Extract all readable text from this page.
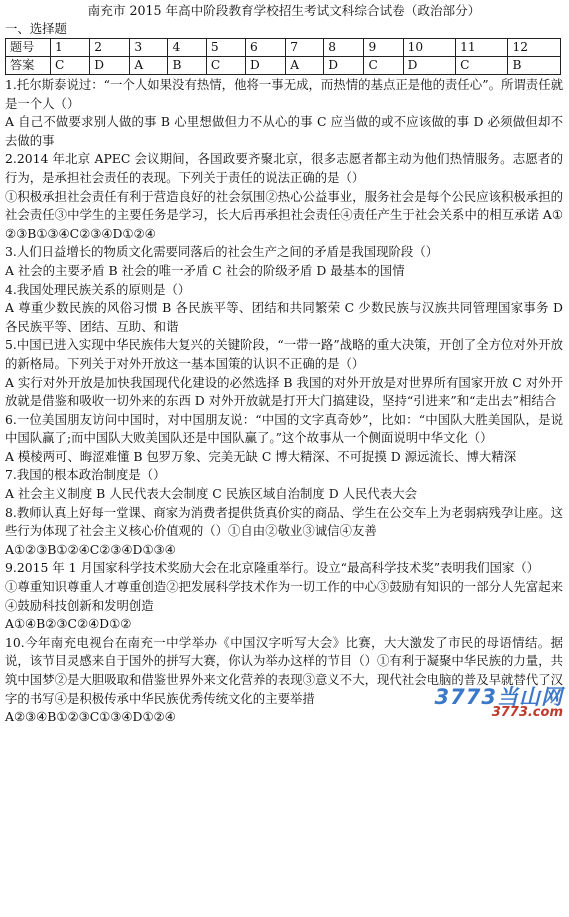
南充市 2015 年高中阶段教育学校招生考试文科综合试卷（政治部分）

一、选择题

题号	1	2	3	4	5	6	7	8	9	10	11	12
答案	C	D	A	B	C	D	A	D	C	D	C	B

1.托尔斯泰说过：“一个人如果没有热情，他将一事无成，而热情的基点正是他的责任心”。所谓责任就是一个人（）

A 自己不做要求别人做的事 B 心里想做但力不从心的事 C 应当做的或不应该做的事 D 必须做但却不去做的事

2.2014 年北京 APEC 会议期间，各国政要齐聚北京，很多志愿者都主动为他们热情服务。志愿者的行为，是承担社会责任的表现。下列关于责任的说法正确的是（）

①积极承担社会责任有利于营造良好的社会氛围②热心公益事业，服务社会是每个公民应该积极承担的社会责任③中学生的主要任务是学习，长大后再承担社会责任④责任产生于社会关系中的相互承诺 A①②③B①③④C②③④D①②④

3.人们日益增长的物质文化需要同落后的社会生产之间的矛盾是我国现阶段（）

A 社会的主要矛盾 B 社会的唯一矛盾 C 社会的阶级矛盾 D 最基本的国情

4.我国处理民族关系的原则是（）

A 尊重少数民族的风俗习惯 B 各民族平等、团结和共同繁荣 C 少数民族与汉族共同管理国家事务 D 各民族平等、团结、互助、和谐

5.中国已进入实现中华民族伟大复兴的关键阶段，“一带一路”战略的重大决策，开创了全方位对外开放的新格局。下列关于对外开放这一基本国策的认识不正确的是（）

A 实行对外开放是加快我国现代化建设的必然选择 B 我国的对外开放是对世界所有国家开放 C 对外开放就是借鉴和吸收一切外来的东西 D 对外开放就是打开大门搞建设，坚持“引进来”和“走出去”相结合

6.一位美国朋友访问中国时，对中国朋友说：“中国的文字真奇妙”，比如：“中国队大胜美国队，是说中国队赢了;而中国队大败美国队还是中国队赢了。”这个故事从一个侧面说明中华文化（）

A 模棱两可、晦涩难懂 B 包罗万象、完美无缺 C 博大精深、不可捉摸 D 源远流长、博大精深

7.我国的根本政治制度是（）

A 社会主义制度 B 人民代表大会制度 C 民族区域自治制度 D 人民代表大会

8.教师认真上好每一堂课、商家为消费者提供货真价实的商品、学生在公交车上为老弱病残孕让座。这些行为体现了社会主义核心价值观的（）①自由②敬业③诚信④友善

A①②③B①②④C②③④D①③④

9.2015 年 1 月国家科学技术奖励大会在北京隆重举行。设立“最高科学技术奖”表明我们国家（）

①尊重知识尊重人才尊重创造②把发展科学技术作为一切工作的中心③鼓励有知识的一部分人先富起来④鼓励科技创新和发明创造

A①④B②③C②④D①②

10.今年南充电视台在南充一中学举办《中国汉字听写大会》比赛，大大激发了市民的母语情结。据说，该节目灵感来自于国外的拼写大赛，你认为举办这样的节目（）①有利于凝聚中华民族的力量，共筑中国梦②是大胆吸取和借鉴世界外来文化营养的表现③意义不大，现代社会电脑的普及早就替代了汉字的书写④是积极传承中华民族优秀传统文化的主要举措

A②③④B①②③C①③④D①②④

3773当山网
3773.com
